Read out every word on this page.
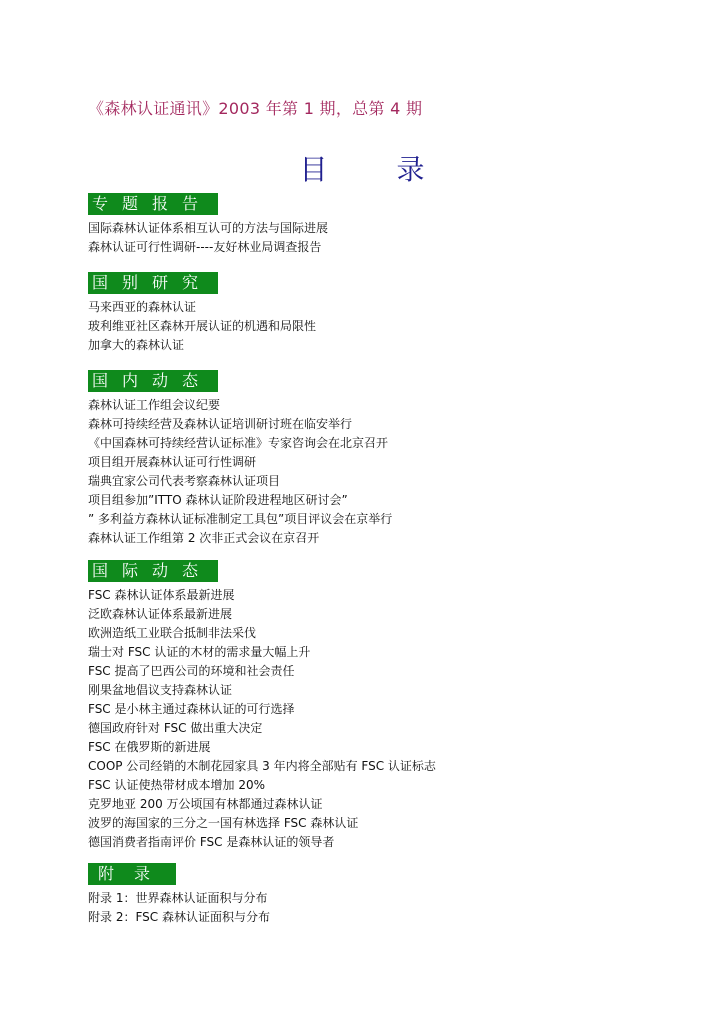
《森林认证通讯》2003 年第 1 期，总第 4 期
目 录
专题报告
国际森林认证体系相互认可的方法与国际进展
森林认证可行性调研----友好林业局调查报告
国别研究
马来西亚的森林认证
玻利维亚社区森林开展认证的机遇和局限性
加拿大的森林认证
国内动态
森林认证工作组会议纪要
森林可持续经营及森林认证培训研讨班在临安举行
《中国森林可持续经营认证标准》专家咨询会在北京召开
项目组开展森林认证可行性调研
瑞典宜家公司代表考察森林认证项目
项目组参加”ITTO 森林认证阶段进程地区研讨会”
” 多利益方森林认证标准制定工具包”项目评议会在京举行
森林认证工作组第 2 次非正式会议在京召开
国际动态
FSC 森林认证体系最新进展
泛欧森林认证体系最新进展
欧洲造纸工业联合抵制非法采伐
瑞士对 FSC 认证的木材的需求量大幅上升
FSC 提高了巴西公司的环境和社会责任
刚果盆地倡议支持森林认证
FSC 是小林主通过森林认证的可行选择
德国政府针对 FSC 做出重大决定
FSC 在俄罗斯的新进展
COOP 公司经销的木制花园家具 3 年内将全部贴有 FSC 认证标志
FSC 认证使热带材成本增加 20%
克罗地亚 200 万公顷国有林都通过森林认证
波罗的海国家的三分之一国有林选择 FSC 森林认证
德国消费者指南评价 FSC 是森林认证的领导者
附录
附录 1：世界森林认证面积与分布
附录 2：FSC 森林认证面积与分布
